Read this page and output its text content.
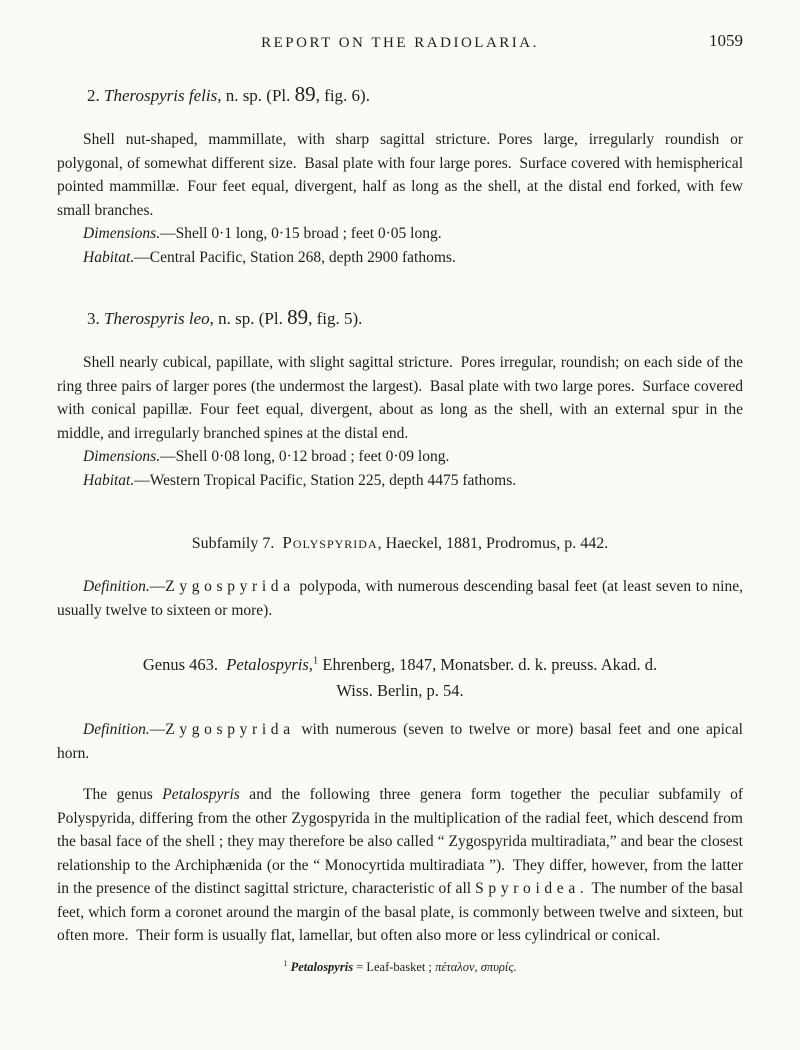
REPORT ON THE RADIOLARIA.	1059
2. Therospyris felis, n. sp. (Pl. 89, fig. 6).

Shell nut-shaped, mammillate, with sharp sagittal stricture. Pores large, irregularly roundish or polygonal, of somewhat different size. Basal plate with four large pores. Surface covered with hemispherical pointed mammillæ. Four feet equal, divergent, half as long as the shell, at the distal end forked, with few small branches.

Dimensions.—Shell 0·1 long, 0·15 broad ; feet 0·05 long.

Habitat.—Central Pacific, Station 268, depth 2900 fathoms.

3. Therospyris leo, n. sp. (Pl. 89, fig. 5).

Shell nearly cubical, papillate, with slight sagittal stricture. Pores irregular, roundish; on each side of the ring three pairs of larger pores (the undermost the largest). Basal plate with two large pores. Surface covered with conical papillæ. Four feet equal, divergent, about as long as the shell, with an external spur in the middle, and irregularly branched spines at the distal end.

Dimensions.—Shell 0·08 long, 0·12 broad ; feet 0·09 long.

Habitat.—Western Tropical Pacific, Station 225, depth 4475 fathoms.

Subfamily 7. Polyspyrida, Haeckel, 1881, Prodromus, p. 442.

Definition.—Zygospyrida polypoda, with numerous descending basal feet (at least seven to nine, usually twelve to sixteen or more).

Genus 463. Petalospyris,$^1$ Ehrenberg, 1847, Monatsber. d. k. preuss. Akad. d.
Wiss. Berlin, p. 54.

Definition.—Zygospyrida with numerous (seven to twelve or more) basal feet and one apical horn.

The genus Petalospyris and the following three genera form together the peculiar subfamily of Polyspyrida, differing from the other Zygospyrida in the multiplication of the radial feet, which descend from the basal face of the shell ; they may therefore be also called “ Zygospyrida multiradiata,” and bear the closest relationship to the Archiphænida (or the “ Monocyrtida multiradiata ”). They differ, however, from the latter in the presence of the distinct sagittal stricture, characteristic of all Spyroidea. The number of the basal feet, which form a coronet around the margin of the basal plate, is commonly between twelve and sixteen, but often more. Their form is usually flat, lamellar, but often also more or less cylindrical or conical.

$^1$ Petalospyris = Leaf-basket ; πέταλον, σπυρίς.
